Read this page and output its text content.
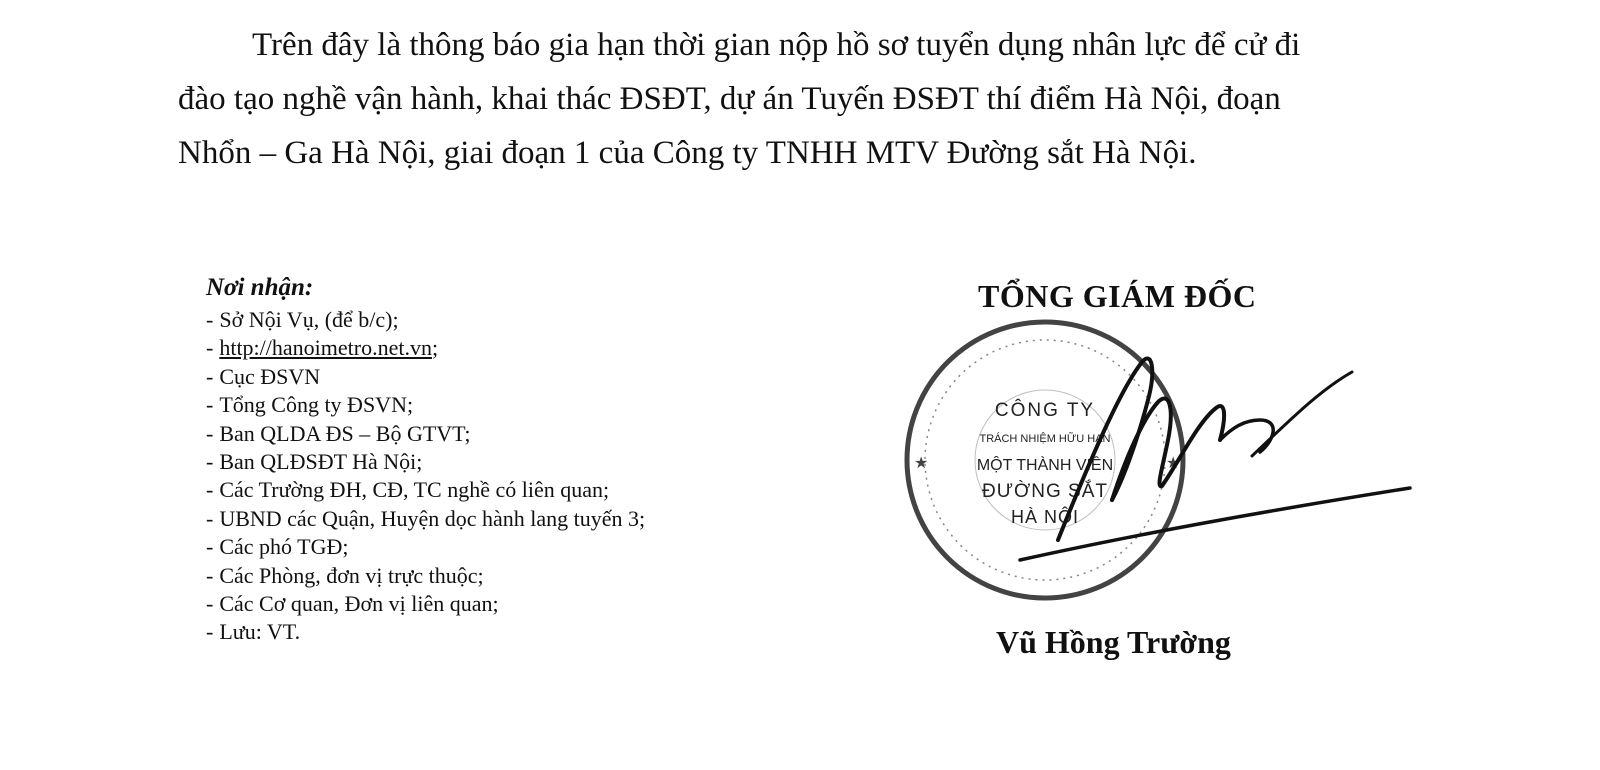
Trên đây là thông báo gia hạn thời gian nộp hồ sơ tuyển dụng nhân lực để cử đi

đào tạo nghề vận hành, khai thác ĐSĐT, dự án Tuyến ĐSĐT thí điểm Hà Nội, đoạn

Nhổn – Ga Hà Nội, giai đoạn 1 của Công ty TNHH MTV Đường sắt Hà Nội.

Nơi nhận:

- Sở Nội Vụ, (để b/c);
- http://hanoimetro.net.vn;
- Cục ĐSVN
- Tổng Công ty ĐSVN;
- Ban QLDA ĐS – Bộ GTVT;
- Ban QLĐSĐT Hà Nội;
- Các Trường ĐH, CĐ, TC nghề có liên quan;
- UBND các Quận, Huyện dọc hành lang tuyến 3;
- Các phó TGĐ;
- Các Phòng, đơn vị trực thuộc;
- Các Cơ quan, Đơn vị liên quan;
- Lưu: VT.

TỔNG GIÁM ĐỐC

★	★
CÔNG TY
TRÁCH NHIỆM HỮU HẠN
MỘT THÀNH VIÊN
ĐƯỜNG SẮT
HÀ NỘI

Vũ Hồng Trường
